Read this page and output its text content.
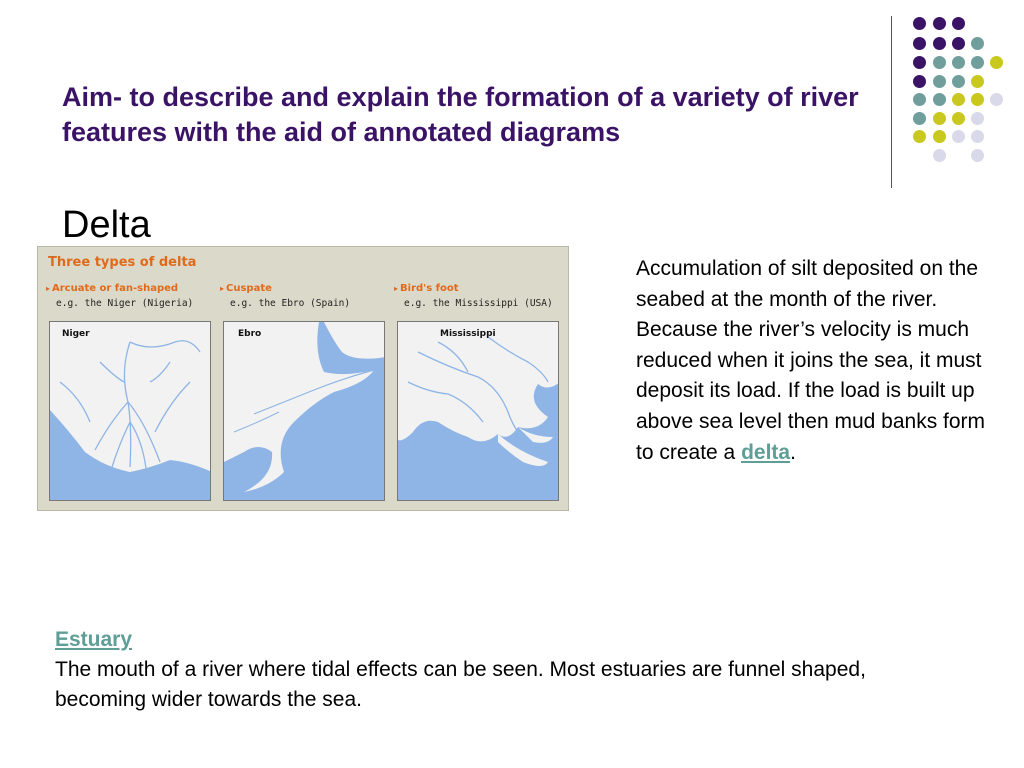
Aim- to describe and explain the formation of a variety of river features with the aid of annotated diagrams
Delta
Three types of delta
▸ Arcuate or fan-shaped
e.g. the Niger (Nigeria)
▸ Cuspate
e.g. the Ebro (Spain)
▸ Bird's foot
e.g. the Mississippi (USA)
Niger	Ebro	Mississippi
Accumulation of silt deposited on the seabed at the month of the river. Because the river’s velocity is much reduced when it joins the sea, it must deposit its load. If the load is built up above sea level then mud banks form to create a delta.
Estuary
The mouth of a river where tidal effects can be seen. Most estuaries are funnel shaped, becoming wider towards the sea.
